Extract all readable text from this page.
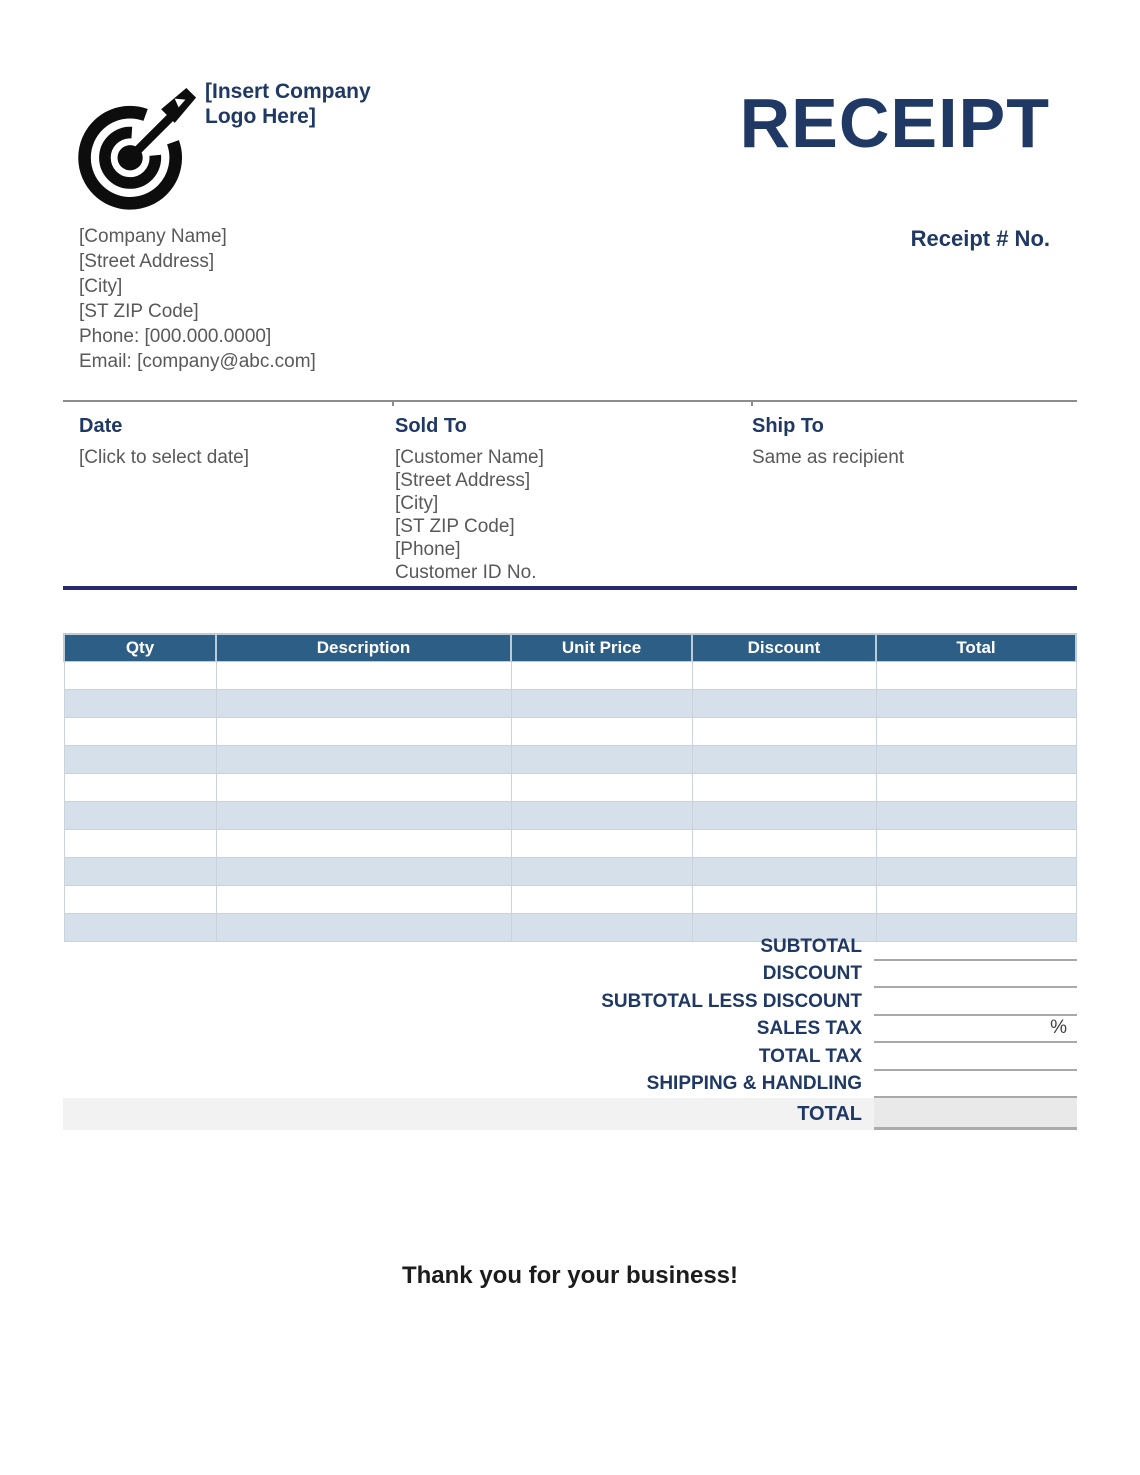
[Insert Company Logo Here]	RECEIPT
Receipt # No.
[Company Name]
[Street Address]
[City]
[ST ZIP Code]
Phone: [000.000.0000]
Email: [company@abc.com]
Date
[Click to select date]
Sold To
[Customer Name]
[Street Address]
[City]
[ST ZIP Code]
[Phone]
Customer ID No.
Ship To
Same as recipient
Qty	Description	Unit Price	Discount	Total

SUBTOTAL
DISCOUNT
SUBTOTAL LESS DISCOUNT
SALES TAX	%
TOTAL TAX
SHIPPING & HANDLING
TOTAL
Thank you for your business!
